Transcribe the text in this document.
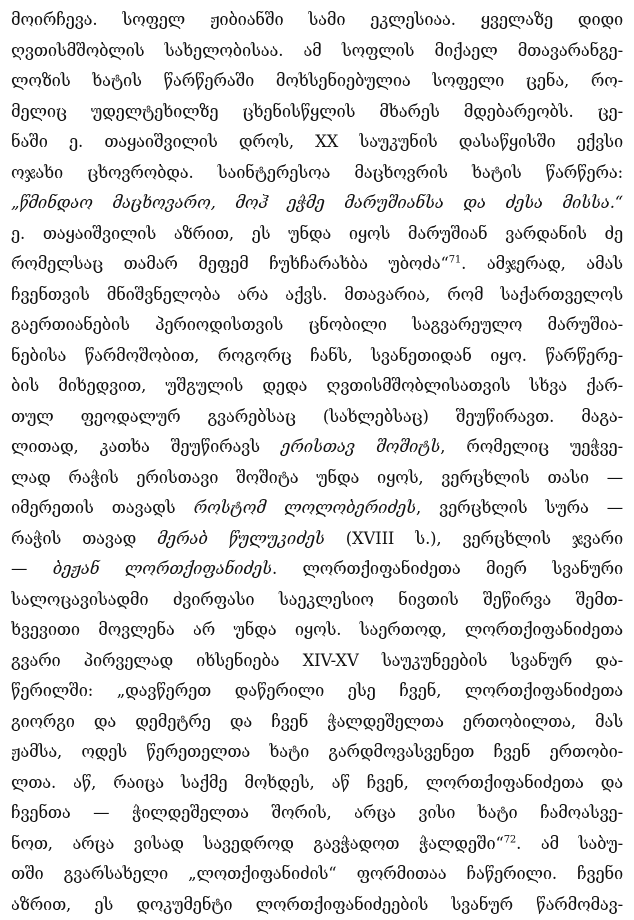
მოირჩევა. სოფელ ჟიბიანში სამი ეკლესიაა. ყველაზე დიდი
ღვთისმშობლის სახელობისაა. ამ სოფლის მიქაელ მთავარანგე-
ლოზის ხატის წარწერაში მოხსენიებულია სოფელი ცენა, რო-
მელიც უდელტეხილზე ცხენისწყლის მხარეს მდებარეობს. ცე-
ნაში ე. თაყაიშვილის დროს, XX საუკუნის დასაწყისში ექვსი
ოჯახი ცხოვრობდა. საინტერესოა მაცხოვრის ხატის წარწერა:
„წმინდაო მაცხოვარო, მოჰ ეჭმე მარუშიანსა და ძესა მისსა.“
ე. თაყაიშვილის აზრით, ეს უნდა იყოს მარუშიან ვარდანის ძე
რომელსაც თამარ მეფემ ჩუხჩარახბა უბოძა“$^{71}$. ამჯერად, ამას
ჩვენთვის მნიშვნელობა არა აქვს. მთავარია, რომ საქართველოს
გაერთიანების პერიოდისთვის ცნობილი საგვარეულო მარუშია-
ნებისა წარმოშობით, როგორც ჩანს, სვანეთიდან იყო. წარწერე-
ბის მიხედვით, უშგულის დედა ღვთისმშობლისათვის სხვა ქარ-
თულ ფეოდალურ გვარებსაც (სახლებსაც) შეუწირავთ. მაგა-
ლითად, კათხა შეუწირავს ერისთავ შოშიტს, რომელიც უეჭვე-
ლად რაჭის ერისთავი შოშიტა უნდა იყოს, ვერცხლის თასი —
იმერეთის თავადს როსტომ ლოლობერიძეს, ვერცხლის სურა —
რაჭის თავად მერაბ წულუკიძეს (XVIII ს.), ვერცხლის ჯვარი
— ბეჟან ლორთქიფანიძეს. ლორთქიფანიძეთა მიერ სვანური
სალოცავისადმი ძვირფასი საეკლესიო ნივთის შეწირვა შემთ-
ხვევითი მოვლენა არ უნდა იყოს. საერთოდ, ლორთქიფანიძეთა
გვარი პირველად იხსენიება XIV-XV საუკუნეების სვანურ და-
წერილში: „დავწერეთ დაწერილი ესე ჩვენ, ლორთქიფანიძეთა
გიორგი და დემეტრე და ჩვენ ჭალდეშელთა ერთობილთა, მას
ჟამსა, ოდეს წერეთელთა ხატი გარდმოვასვენეთ ჩვენ ერთობი-
ლთა. აწ, რაიცა საქმე მოხდეს, აწ ჩვენ, ლორთქიფანიძეთა და
ჩვენთა — ჭილდეშელთა შორის, არცა ვისი ხატი ჩამოასვე-
ნოთ, არცა ვისად სავედროდ გავჭადოთ ჭალდეში“$^{72}$. ამ საბუ-
თში გვარსახელი „ლოთქიფანიძის“ ფორმითაა ჩაწერილი. ჩვენი
აზრით, ეს დოკუმენტი ლორთქიფანიძეების სვანურ წარმომავ-
